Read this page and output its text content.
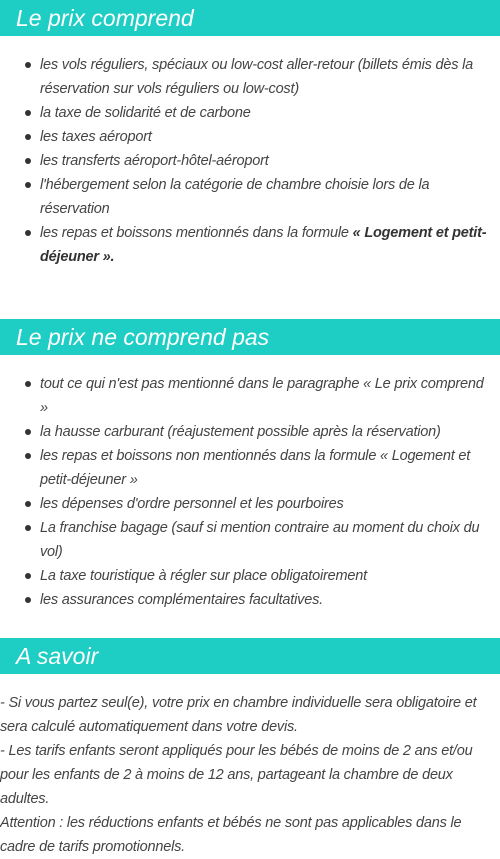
Le prix comprend
les vols réguliers, spéciaux ou low-cost aller-retour (billets émis dès la réservation sur vols réguliers ou low-cost)
la taxe de solidarité et de carbone
les taxes aéroport
les transferts aéroport-hôtel-aéroport
l'hébergement selon la catégorie de chambre choisie lors de la réservation
les repas et boissons mentionnés dans la formule « Logement et petit-déjeuner ».
Le prix ne comprend pas
tout ce qui n'est pas mentionné dans le paragraphe « Le prix comprend »
la hausse carburant (réajustement possible après la réservation)
les repas et boissons non mentionnés dans la formule « Logement et petit-déjeuner »
les dépenses d'ordre personnel et les pourboires
La franchise bagage (sauf si mention contraire au moment du choix du vol)
La taxe touristique à régler sur place obligatoirement
les assurances complémentaires facultatives.
A savoir
- Si vous partez seul(e), votre prix en chambre individuelle sera obligatoire et sera calculé automatiquement dans votre devis.
- Les tarifs enfants seront appliqués pour les bébés de moins de 2 ans et/ou pour les enfants de 2 à moins de 12 ans, partageant la chambre de deux adultes.
Attention : les réductions enfants et bébés ne sont pas applicables dans le cadre de tarifs promotionnels.
